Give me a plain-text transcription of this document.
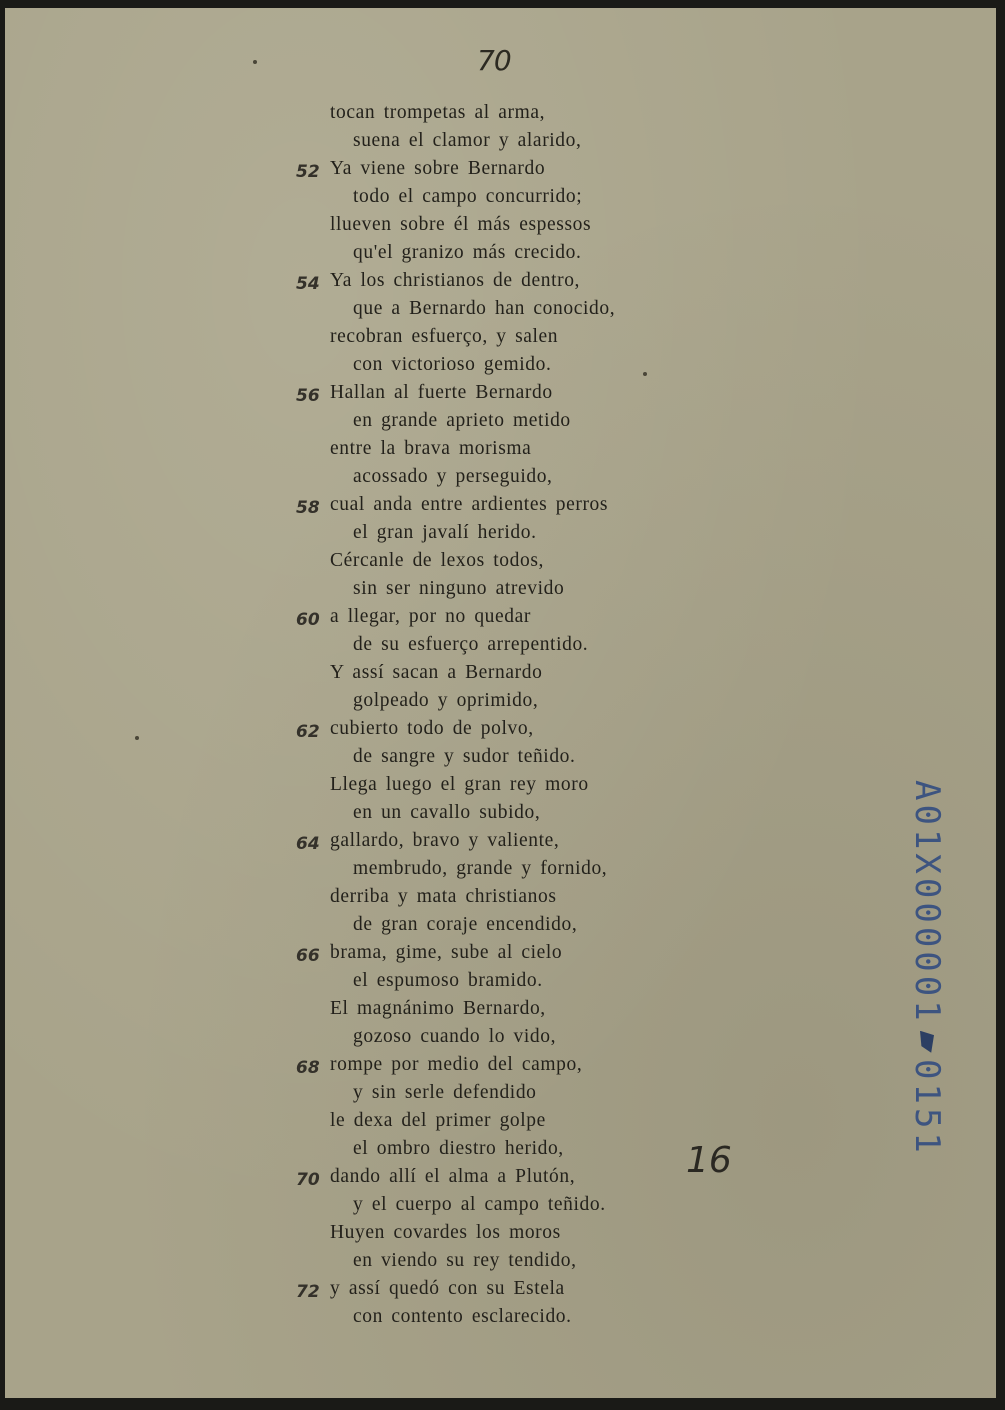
70
tocan trompetas al arma,
suena el clamor y alarido,
Ya viene sobre Bernardo
todo el campo concurrido;
llueven sobre él más espessos
qu'el granizo más crecido.
Ya los christianos de dentro,
que a Bernardo han conocido,
recobran esfuerço, y salen
con victorioso gemido.
Hallan al fuerte Bernardo
en grande aprieto metido
entre la brava morisma
acossado y perseguido,
cual anda entre ardientes perros
el gran javalí herido.
Cércanle de lexos todos,
sin ser ninguno atrevido
a llegar, por no quedar
de su esfuerço arrepentido.
Y assí sacan a Bernardo
golpeado y oprimido,
cubierto todo de polvo,
de sangre y sudor teñido.
Llega luego el gran rey moro
en un cavallo subido,
gallardo, bravo y valiente,
membrudo, grande y fornido,
derriba y mata christianos
de gran coraje encendido,
brama, gime, sube al cielo
el espumoso bramido.
El magnánimo Bernardo,
gozoso cuando lo vido,
rompe por medio del campo,
y sin serle defendido
le dexa del primer golpe
el ombro diestro herido,
dando allí el alma a Plutón,
y el cuerpo al campo teñido.
Huyen covardes los moros
en viendo su rey tendido,
y assí quedó con su Estela
con contento esclarecido.
52
54
56
58
60
62
64
66
68
70
72
16
A01X000001
0151
